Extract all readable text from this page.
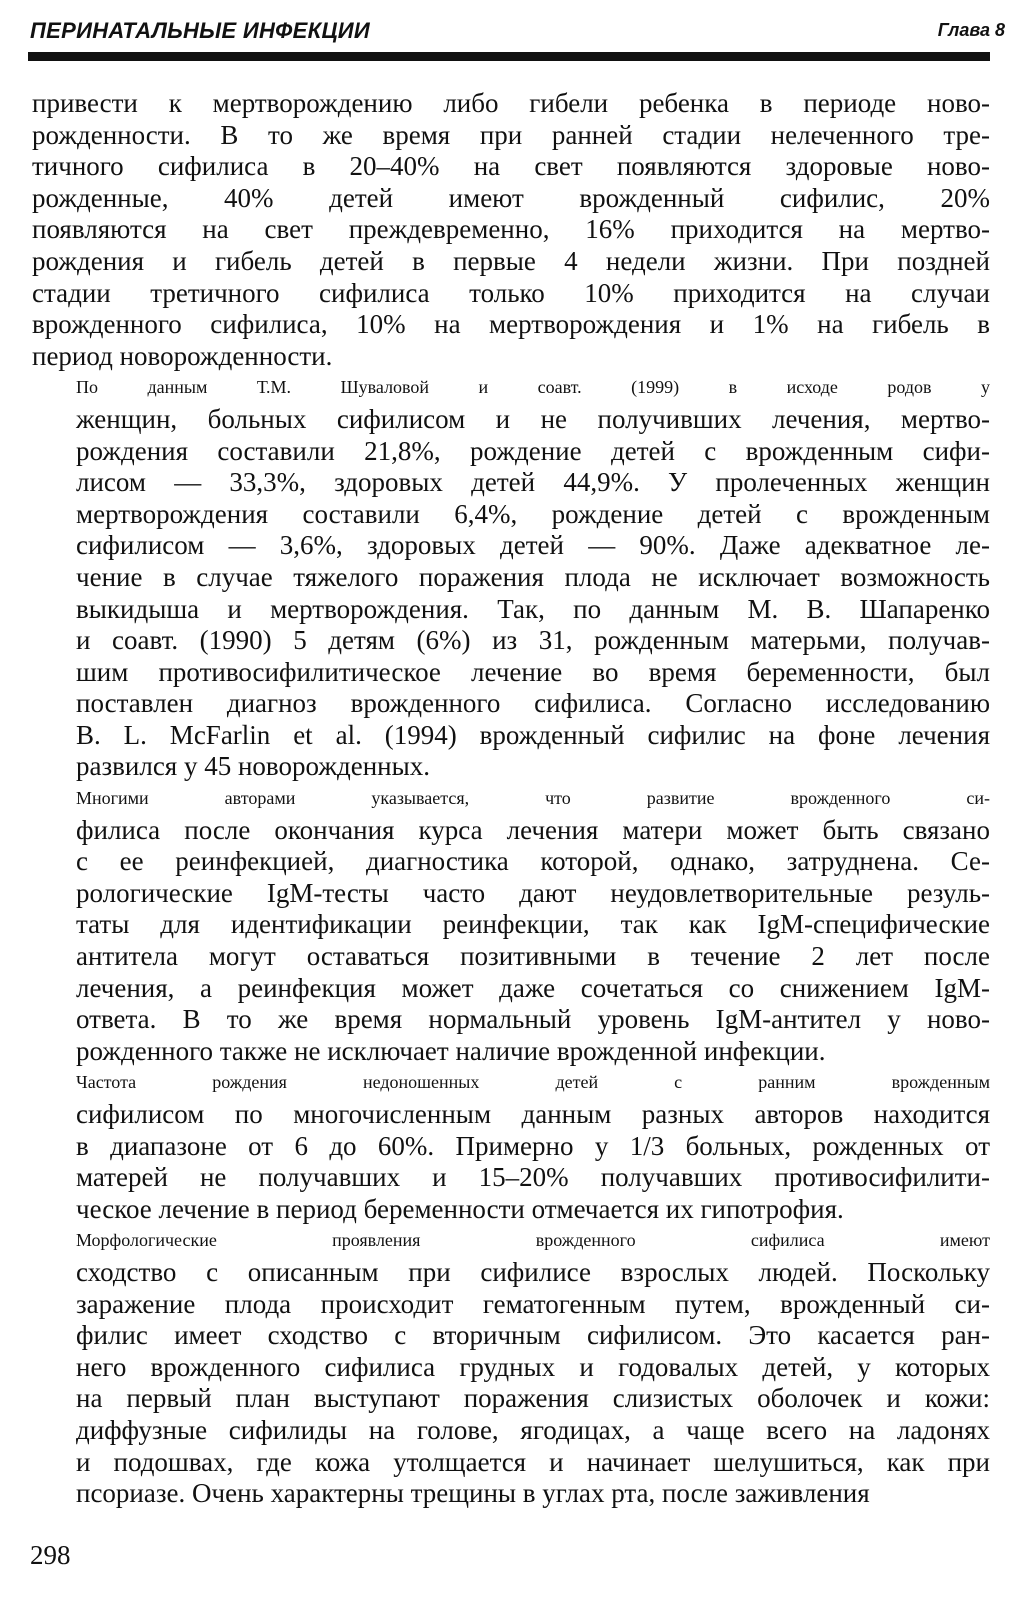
ПЕРИНАТАЛЬНЫЕ ИНФЕКЦИИ	Глава 8

привести к мертворождению либо гибели ребенка в периоде ново-
рожденности. В то же время при ранней стадии нелеченного тре-
тичного сифилиса в 20–40% на свет появляются здоровые ново-
рожденные, 40% детей имеют врожденный сифилис, 20%
появляются на свет преждевременно, 16% приходится на мертво-
рождения и гибель детей в первые 4 недели жизни. При поздней
стадии третичного сифилиса только 10% приходится на случаи
врожденного сифилиса, 10% на мертворождения и 1% на гибель в
период новорожденности.

По данным Т.М. Шуваловой и соавт. (1999) в исходе родов у
женщин, больных сифилисом и не получивших лечения, мертво-
рождения составили 21,8%, рождение детей с врожденным сифи-
лисом — 33,3%, здоровых детей 44,9%. У пролеченных женщин
мертворождения составили 6,4%, рождение детей с врожденным
сифилисом — 3,6%, здоровых детей — 90%. Даже адекватное ле-
чение в случае тяжелого поражения плода не исключает возможность
выкидыша и мертворождения. Так, по данным М. В. Шапаренко
и соавт. (1990) 5 детям (6%) из 31, рожденным матерьми, получав-
шим противосифилитическое лечение во время беременности, был
поставлен диагноз врожденного сифилиса. Согласно исследованию
B. L. McFarlin et al. (1994) врожденный сифилис на фоне лечения
развился у 45 новорожденных.

Многими авторами указывается, что развитие врожденного си-
филиса после окончания курса лечения матери может быть связано
с ее реинфекцией, диагностика которой, однако, затруднена. Се-
рологические IgM-тесты часто дают неудовлетворительные резуль-
таты для идентификации реинфекции, так как IgM-специфические
антитела могут оставаться позитивными в течение 2 лет после
лечения, а реинфекция может даже сочетаться со снижением IgM-
ответа. В то же время нормальный уровень IgM-антител у ново-
рожденного также не исключает наличие врожденной инфекции.

Частота рождения недоношенных детей с ранним врожденным
сифилисом по многочисленным данным разных авторов находится
в диапазоне от 6 до 60%. Примерно у 1/3 больных, рожденных от
матерей не получавших и 15–20% получавших противосифилити-
ческое лечение в период беременности отмечается их гипотрофия.

Морфологические проявления врожденного сифилиса имеют
сходство с описанным при сифилисе взрослых людей. Поскольку
заражение плода происходит гематогенным путем, врожденный си-
филис имеет сходство с вторичным сифилисом. Это касается ран-
него врожденного сифилиса грудных и годовалых детей, у которых
на первый план выступают поражения слизистых оболочек и кожи:
диффузные сифилиды на голове, ягодицах, а чаще всего на ладонях
и подошвах, где кожа утолщается и начинает шелушиться, как при
псориазе. Очень характерны трещины в углах рта, после заживления

298
